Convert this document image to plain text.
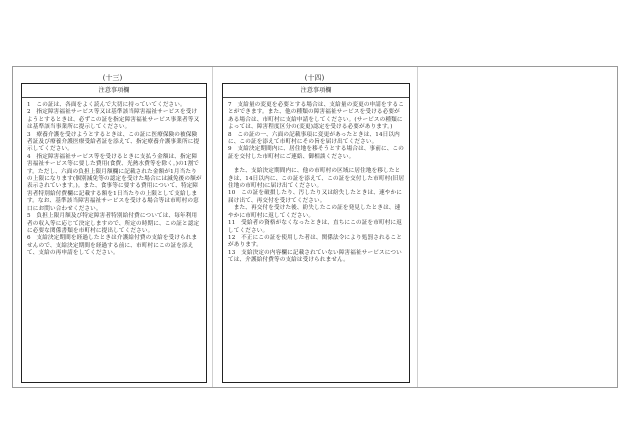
(十三)	(十四)
注意事項欄

1　この証は、各面をよく読んで大切に持っていてください。

2　指定障害福祉サービス等又は基準該当障害福祉サービスを受けようとするときは、必ずこの証を指定障害福祉サービス事業者等又は基準該当事業所に提示してください。

3　療養介護を受けようとするときは、この証に医療保険の被保険者証及び療養介護医療受給者証を添えて、指定療養介護事業所に提示してください。

4　指定障害福祉サービス等を受けるときに支払う金額は、指定障害福祉サービス等に要した費用(食費、光熱水費等を除く。)の1割です。ただし、六面の負担上限月額欄に記載された金額が1月当たりの上限になります(個別減免等の認定を受けた場合には減免後の額が表示されています。)。また、食事等に要する費用について、特定障害者特別給付費欄に記載する額を1日当たりの上限として支給します。なお、基準該当障害福祉サービスを受ける場合等は市町村の窓口にお問い合わせください。

5　負担上限月額及び特定障害者特別給付費については、毎年利用者の収入等に応じて決定しますので、所定の時期に、この証と認定に必要な関係書類を市町村に提出してください。

6　支給決定期間を経過したときは介護給付費の支給を受けられませんので、支給決定期間を経過する前に、市町村にこの証を添えて、支給の再申請をしてください。

注意事項欄

7　支給量の変更を必要とする場合は、支給量の変更の申請をすることができます。また、他の種類の障害福祉サービスを受ける必要がある場合は、市町村に支給申請をしてください。(サービスの種類によっては、障害程度区分の(変更)認定を受ける必要があります。)

8　この証の一、六面の記載事項に変更があったときは、14日以内に、この証を添えて市町村にその旨を届け出てください。

9　支給決定期間内に、居住地を移そうとする場合は、事前に、この証を交付した市町村にご連絡、御相談ください。

　また、支給決定期間内に、他の市町村の区域に居住地を移したときは、14日以内に、この証を添えて、この証を交付した市町村(旧居住地の市町村)に届け出てください。

10　この証を破損したり、汚したり又は紛失したときは、速やかに届け出て、再交付を受けてください。

　また、再交付を受けた後、紛失したこの証を発見したときは、速やかに市町村に返してください。

11　受給者の資格がなくなったときは、直ちにこの証を市町村に返してください。

12　不正にこの証を使用した者は、関係法令により処罰されることがあります。

13　支給決定の内容欄に記載されていない障害福祉サービスについては、介護給付費等の支給は受けられません。
